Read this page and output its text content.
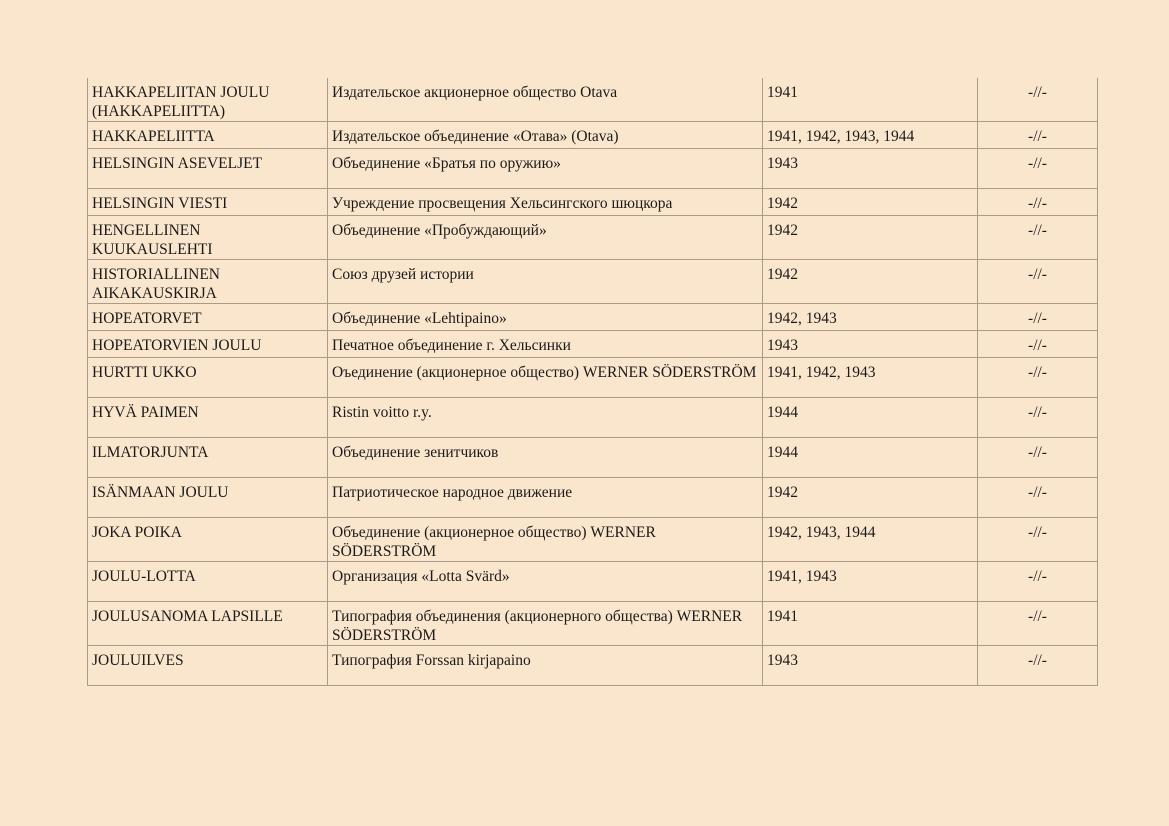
HAKKAPELIITAN JOULU (HAKKAPELIITTA)	Издательское акционерное общество Otava	1941	-//-
HAKKAPELIITTA	Издательское объединение «Отава» (Otava)	1941, 1942, 1943, 1944	-//-
HELSINGIN ASEVELJET	Объединение «Братья по оружию»	1943	-//-
HELSINGIN VIESTI	Учреждение просвещения Хельсингского шюцкора	1942	-//-
HENGELLINEN KUUKAUSLEHTI	Объединение «Пробуждающий»	1942	-//-
HISTORIALLINEN AIKAKAUSKIRJA	Союз друзей истории	1942	-//-
HOPEATORVET	Объединение «Lehtipaino»	1942, 1943	-//-
HOPEATORVIEN JOULU	Печатное объединение г. Хельсинки	1943	-//-
HURTTI UKKO	Оъединение (акционерное общество) WERNER SÖDERSTRÖM	1941, 1942, 1943	-//-
HYVÄ PAIMEN	Ristin voitto r.y.	1944	-//-
ILMATORJUNTA	Объединение зенитчиков	1944	-//-
ISÄNMAAN JOULU	Патриотическое народное движение	1942	-//-
JOKA POIKA	Объединение (акционерное общество) WERNER SÖDERSTRÖM	1942, 1943, 1944	-//-
JOULU-LOTTA	Организация «Lotta Svärd»	1941, 1943	-//-
JOULUSANOMA LAPSILLE	Типография объединения (акционерного общества) WERNER SÖDERSTRÖM	1941	-//-
JOULUILVES	Типография Forssan kirjapaino	1943	-//-
